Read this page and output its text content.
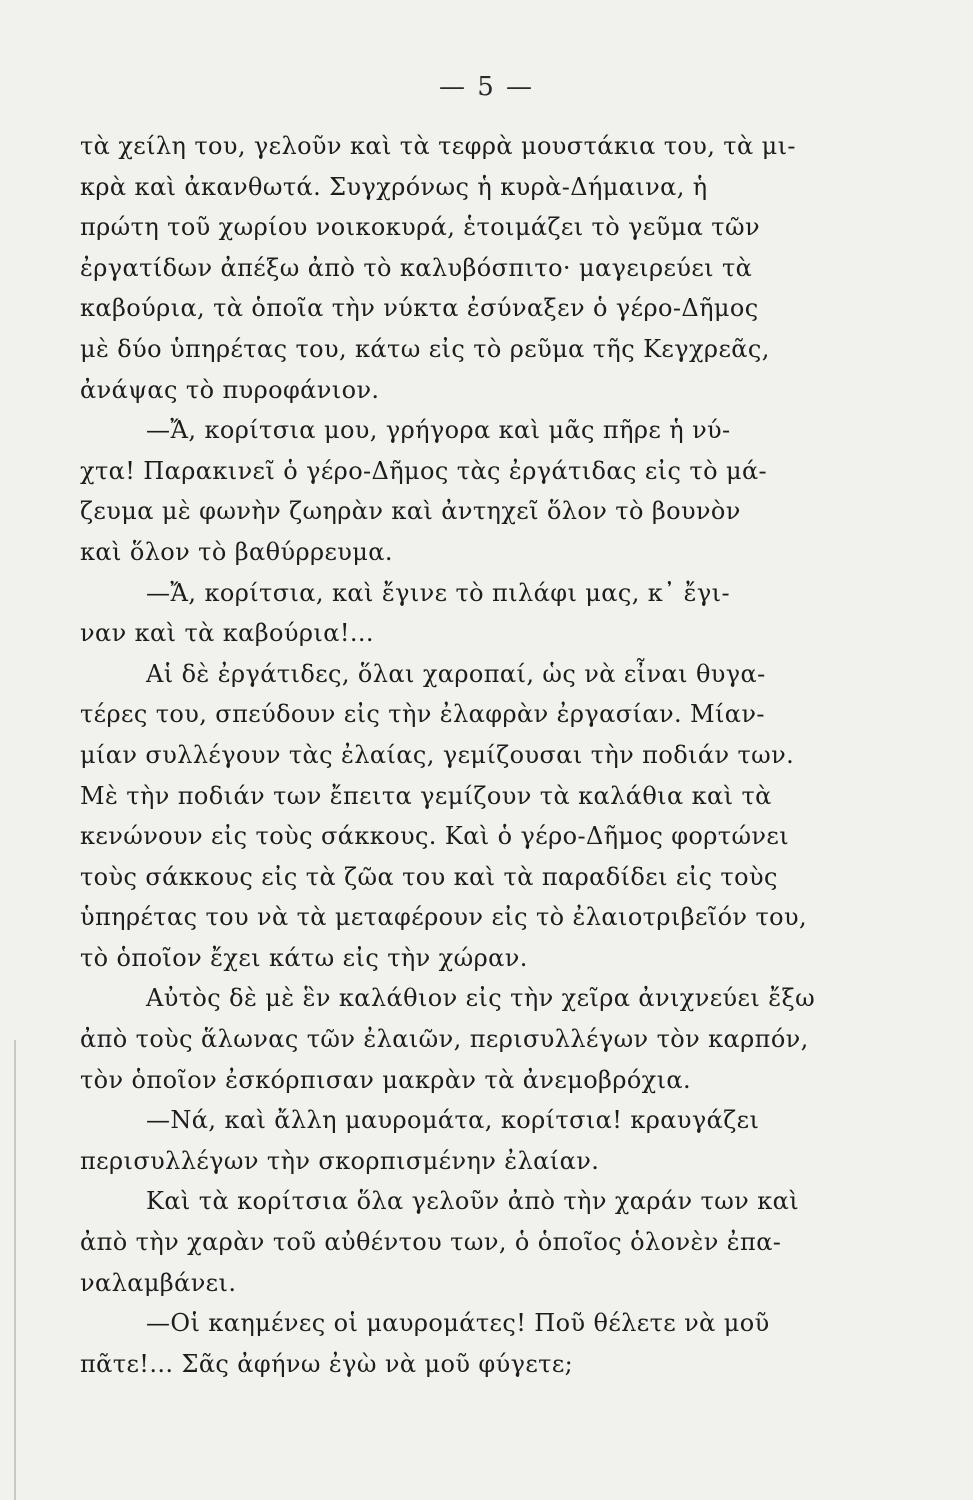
— 5 —
τὰ χείλη του, γελοῦν καὶ τὰ τεφρὰ μουστάκια του, τὰ μι-
κρὰ καὶ ἀκανθωτά. Συγχρόνως ἡ κυρὰ-Δήμαινα, ἡ
πρώτη τοῦ χωρίου νοικοκυρά, ἑτοιμάζει τὸ γεῦμα τῶν
ἐργατίδων ἀπέξω ἀπὸ τὸ καλυβόσπιτο· μαγειρεύει τὰ
καβούρια, τὰ ὁποῖα τὴν νύκτα ἐσύναξεν ὁ γέρο-Δῆμος
μὲ δύο ὑπηρέτας του, κάτω εἰς τὸ ρεῦμα τῆς Κεγχρεᾶς,
ἀνάψας τὸ πυροφάνιον.
—Ἄ, κορίτσια μου, γρήγορα καὶ μᾶς πῆρε ἡ νύ-
χτα! Παρακινεῖ ὁ γέρο-Δῆμος τὰς ἐργάτιδας εἰς τὸ μά-
ζευμα μὲ φωνὴν ζωηρὰν καὶ ἀντηχεῖ ὅλον τὸ βουνὸν
καὶ ὅλον τὸ βαθύρρευμα.
—Ἄ, κορίτσια, καὶ ἔγινε τὸ πιλάφι μας, κ᾿ ἔγι-
ναν καὶ τὰ καβούρια!...
Αἱ δὲ ἐργάτιδες, ὅλαι χαροπαί, ὡς νὰ εἶναι θυγα-
τέρες του, σπεύδουν εἰς τὴν ἐλαφρὰν ἐργασίαν. Μίαν-
μίαν συλλέγουν τὰς ἐλαίας, γεμίζουσαι τὴν ποδιάν των.
Μὲ τὴν ποδιάν των ἔπειτα γεμίζουν τὰ καλάθια καὶ τὰ
κενώνουν εἰς τοὺς σάκκους. Καὶ ὁ γέρο-Δῆμος φορτώνει
τοὺς σάκκους εἰς τὰ ζῶα του καὶ τὰ παραδίδει εἰς τοὺς
ὑπηρέτας του νὰ τὰ μεταφέρουν εἰς τὸ ἐλαιοτριβεῖόν του,
τὸ ὁποῖον ἔχει κάτω εἰς τὴν χώραν.
Αὐτὸς δὲ μὲ ἓν καλάθιον εἰς τὴν χεῖρα ἀνιχνεύει ἔξω
ἀπὸ τοὺς ἅλωνας τῶν ἐλαιῶν, περισυλλέγων τὸν καρπόν,
τὸν ὁποῖον ἐσκόρπισαν μακρὰν τὰ ἀνεμοβρόχια.
—Νά, καὶ ἄλλη μαυρομάτα, κορίτσια! κραυγάζει
περισυλλέγων τὴν σκορπισμένην ἐλαίαν.
Καὶ τὰ κορίτσια ὅλα γελοῦν ἀπὸ τὴν χαράν των καὶ
ἀπὸ τὴν χαρὰν τοῦ αὐθέντου των, ὁ ὁποῖος ὁλονὲν ἐπα-
ναλαμβάνει.
—Οἱ καημένες οἱ μαυρομάτες! Ποῦ θέλετε νὰ μοῦ
πᾶτε!... Σᾶς ἀφήνω ἐγὼ νὰ μοῦ φύγετε;
